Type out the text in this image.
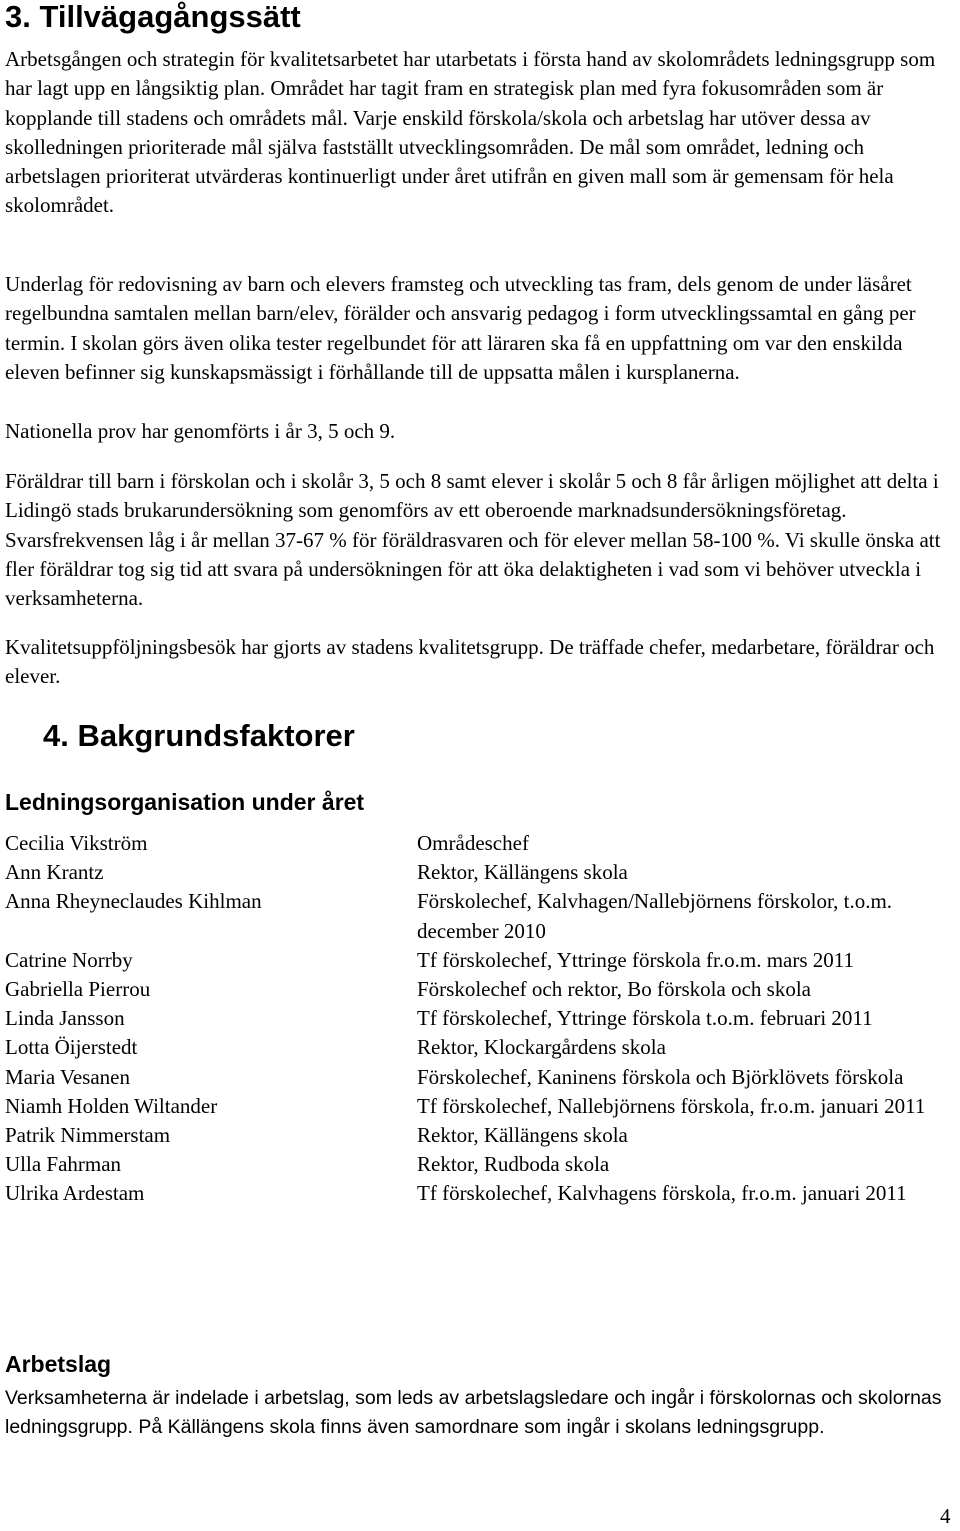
3. Tillvägagångssätt

Arbetsgången och strategin för kvalitetsarbetet har utarbetats i första hand av skolområdets ledningsgrupp som har lagt upp en långsiktig plan. Området har tagit fram en strategisk plan med fyra fokusområden som är kopplande till stadens och områdets mål. Varje enskild förskola/skola och arbetslag har utöver dessa av skolledningen prioriterade mål själva fastställt utvecklingsområden. De mål som området, ledning och arbetslagen prioriterat utvärderas kontinuerligt under året utifrån en given mall som är gemensam för hela skolområdet.

Underlag för redovisning av barn och elevers framsteg och utveckling tas fram, dels genom de under läsåret regelbundna samtalen mellan barn/elev, förälder och ansvarig pedagog i form utvecklingssamtal en gång per termin. I skolan görs även olika tester regelbundet för att läraren ska få en uppfattning om var den enskilda eleven befinner sig kunskapsmässigt i förhållande till de uppsatta målen i kursplanerna.

Nationella prov har genomförts i år 3, 5 och 9.

Föräldrar till barn i förskolan och i skolår 3, 5 och 8 samt elever i skolår 5 och 8 får årligen möjlighet att delta i Lidingö stads brukarundersökning som genomförs av ett oberoende marknadsundersökningsföretag. Svarsfrekvensen låg i år mellan 37-67 % för föräldrasvaren och för elever mellan 58-100 %. Vi skulle önska att fler föräldrar tog sig tid att svara på undersökningen för att öka delaktigheten i vad som vi behöver utveckla i verksamheterna.

Kvalitetsuppföljningsbesök har gjorts av stadens kvalitetsgrupp. De träffade chefer, medarbetare, föräldrar och elever.

4. Bakgrundsfaktorer
Ledningsorganisation under året
Cecilia Vikström	Områdeschef
Ann Krantz	Rektor, Källängens skola
Anna Rheyneclaudes Kihlman	Förskolechef, Kalvhagen/Nallebjörnens förskolor, t.o.m. december 2010
Catrine Norrby	Tf förskolechef, Yttringe förskola fr.o.m. mars 2011
Gabriella Pierrou	Förskolechef och rektor, Bo förskola och skola
Linda Jansson	Tf förskolechef, Yttringe förskola t.o.m. februari 2011
Lotta Öijerstedt	Rektor, Klockargårdens skola
Maria Vesanen	Förskolechef, Kaninens förskola och Björklövets förskola
Niamh Holden Wiltander	Tf förskolechef, Nallebjörnens förskola, fr.o.m. januari 2011
Patrik Nimmerstam	Rektor, Källängens skola
Ulla Fahrman	Rektor, Rudboda skola
Ulrika Ardestam	Tf förskolechef, Kalvhagens förskola, fr.o.m. januari 2011
Arbetslag

Verksamheterna är indelade i arbetslag, som leds av arbetslagsledare och ingår i förskolornas och skolornas ledningsgrupp. På Källängens skola finns även samordnare som ingår i skolans ledningsgrupp.

4
